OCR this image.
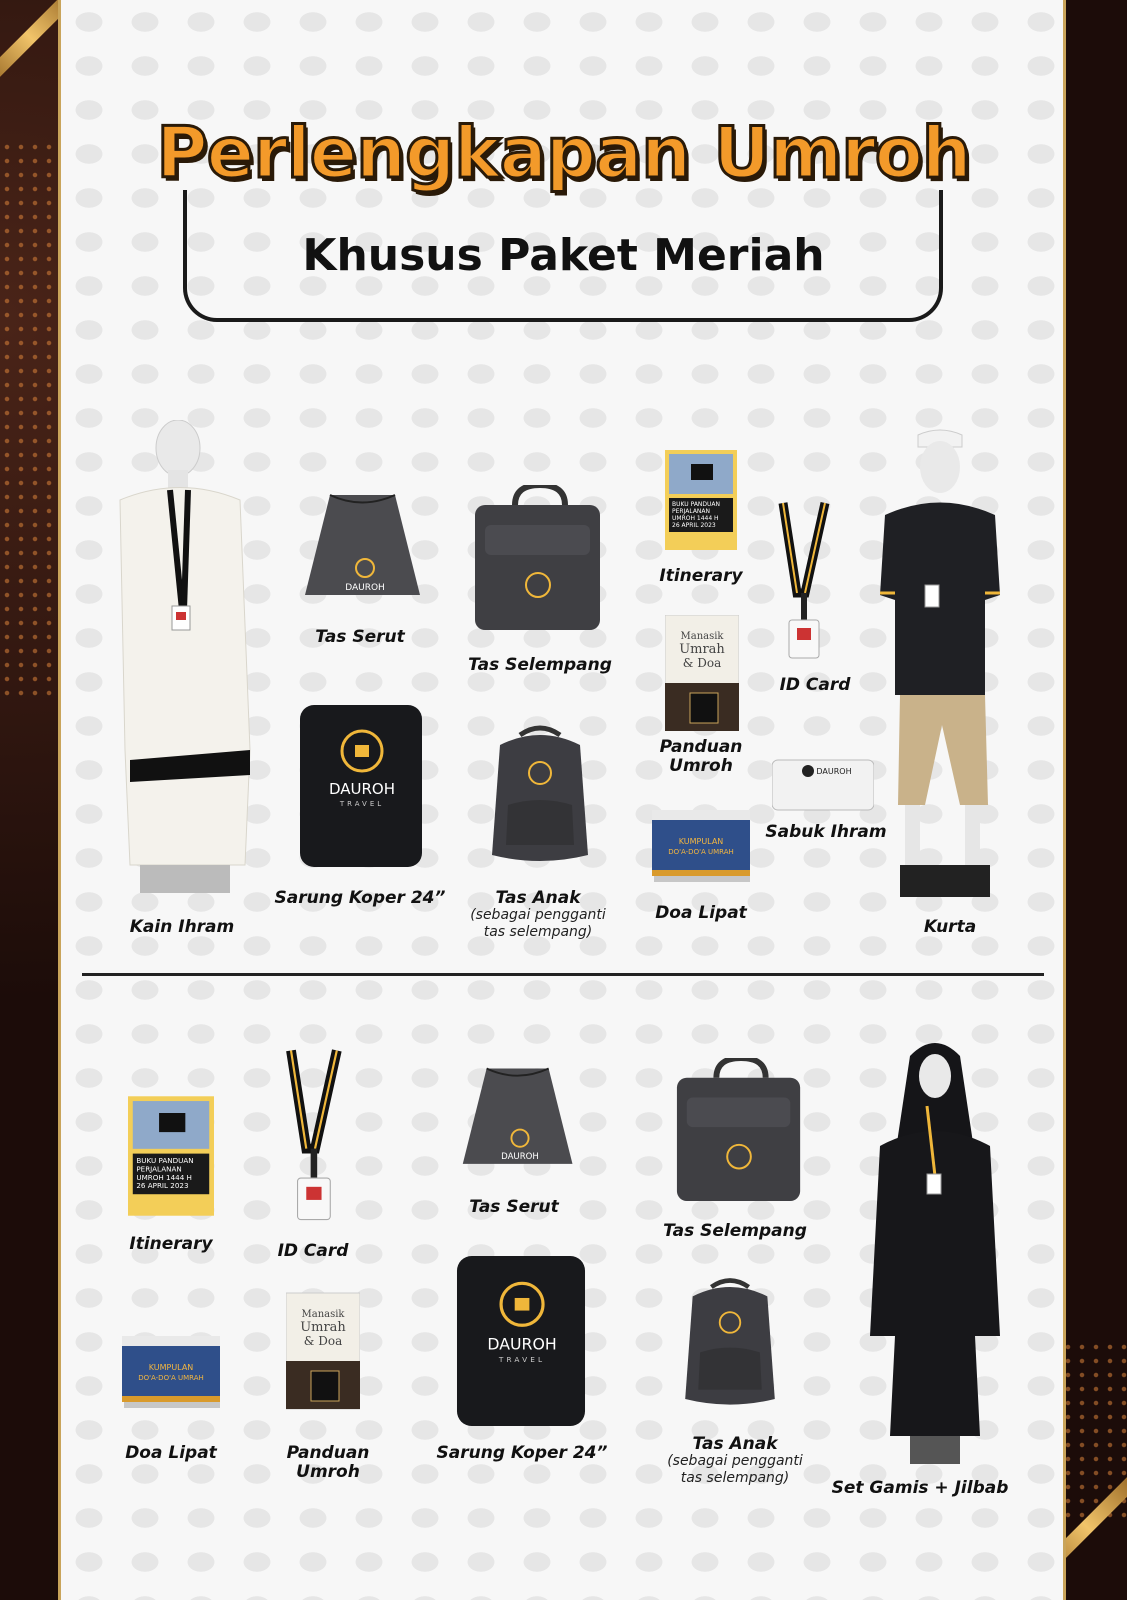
Perlengkapan Umroh
Khusus Paket Meriah
Kain Ihram
DAUROH
Tas Serut
Tas Selempang
BUKU PANDUAN
PERJALANAN
UMROH 1444 H
26 APRIL 2023
Itinerary
ID Card
Manasik
Umrah
& Doa
Panduan
Umroh	DAUROH
Sabuk Ihram
DAUROH
TRAVEL
Sarung Koper 24”	Tas Anak
(sebagai pengganti
tas selempang)
KUMPULAN
DO'A-DO'A UMRAH
Doa Lipat
Kurta
BUKU PANDUAN
PERJALANAN
UMROH 1444 H
26 APRIL 2023
Itinerary	ID Card
DAUROH
Tas Serut
Tas Selempang
KUMPULAN
DO'A-DO'A UMRAH
Doa Lipat
Manasik
Umrah
& Doa
Panduan
Umroh
DAUROH
TRAVEL
Sarung Koper 24”	Tas Anak
(sebagai pengganti
tas selempang) Set Gamis + Jilbab
